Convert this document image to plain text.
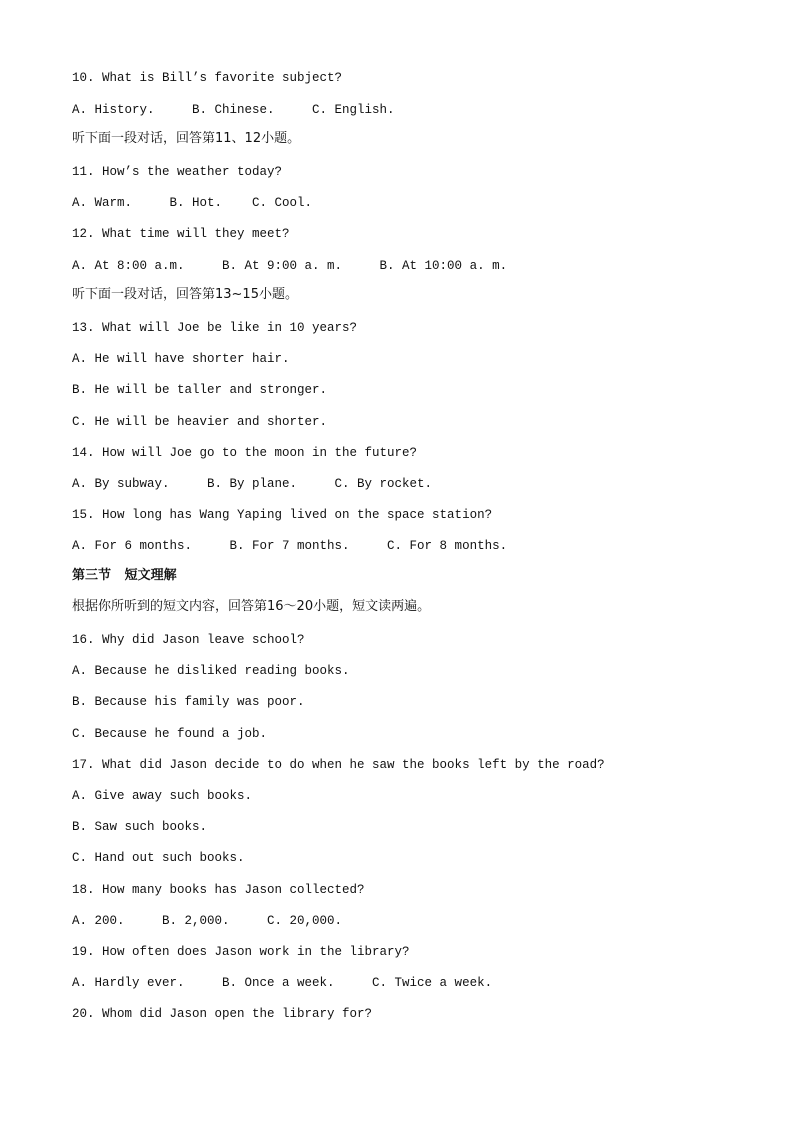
10. What is Bill’s favorite subject?
A. History.     B. Chinese.     C. English.
听下面一段对话，回答第11、12小题。
11. How’s the weather today?
A. Warm.     B. Hot.    C. Cool.
12. What time will they meet?
A. At 8:00 a.m.     B. At 9:00 a. m.     B. At 10:00 a. m.
听下面一段对话，回答第13~15小题。
13. What will Joe be like in 10 years?
A. He will have shorter hair.
B. He will be taller and stronger.
C. He will be heavier and shorter.
14. How will Joe go to the moon in the future?
A. By subway.     B. By plane.     C. By rocket.
15. How long has Wang Yaping lived on the space station?
A. For 6 months.     B. For 7 months.     C. For 8 months.
第三节   短文理解
根据你所听到的短文内容，回答第16～20小题，短文读两遍。
16. Why did Jason leave school?
A. Because he disliked reading books.
B. Because his family was poor.
C. Because he found a job.
17. What did Jason decide to do when he saw the books left by the road?
A. Give away such books.
B. Saw such books.
C. Hand out such books.
18. How many books has Jason collected?
A. 200.     B. 2,000.     C. 20,000.
19. How often does Jason work in the library?
A. Hardly ever.     B. Once a week.     C. Twice a week.
20. Whom did Jason open the library for?
